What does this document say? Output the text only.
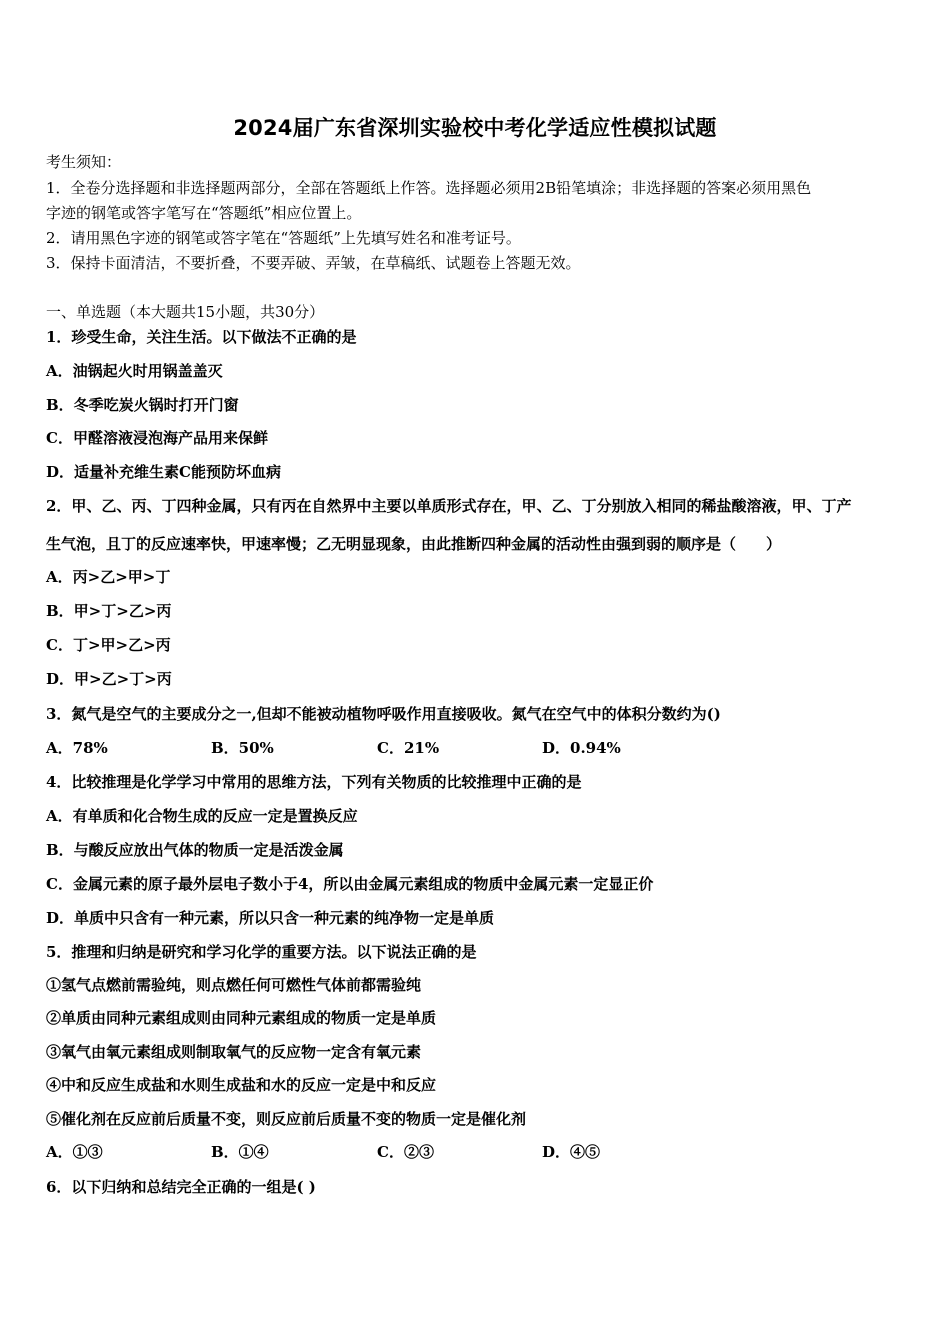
2024届广东省深圳实验校中考化学适应性模拟试题
考生须知：
1．全卷分选择题和非选择题两部分，全部在答题纸上作答。选择题必须用2B铅笔填涂；非选择题的答案必须用黑色
字迹的钢笔或答字笔写在“答题纸”相应位置上。
2．请用黑色字迹的钢笔或答字笔在“答题纸”上先填写姓名和准考证号。
3．保持卡面清洁，不要折叠，不要弄破、弄皱，在草稿纸、试题卷上答题无效。
一、单选题（本大题共15小题，共30分）
1．珍受生命，关注生活。以下做法不正确的是
A．油锅起火时用锅盖盖灭
B．冬季吃炭火锅时打开门窗
C．甲醛溶液浸泡海产品用来保鲜
D．适量补充维生素C能预防坏血病
2．甲、乙、丙、丁四种金属，只有丙在自然界中主要以单质形式存在，甲、乙、丁分别放入相同的稀盐酸溶液，甲、丁产
生气泡，且丁的反应速率快，甲速率慢；乙无明显现象，由此推断四种金属的活动性由强到弱的顺序是（　　）
A．丙>乙>甲>丁
B．甲>丁>乙>丙
C．丁>甲>乙>丙
D．甲>乙>丁>丙
3．氮气是空气的主要成分之一,但却不能被动植物呼吸作用直接吸收。氮气在空气中的体积分数约为()
A．78%	B．50%	C．21%	D．0.94%
4．比较推理是化学学习中常用的思维方法，下列有关物质的比较推理中正确的是
A．有单质和化合物生成的反应一定是置换反应
B．与酸反应放出气体的物质一定是活泼金属
C．金属元素的原子最外层电子数小于4，所以由金属元素组成的物质中金属元素一定显正价
D．单质中只含有一种元素，所以只含一种元素的纯净物一定是单质
5．推理和归纳是研究和学习化学的重要方法。以下说法正确的是
①氢气点燃前需验纯，则点燃任何可燃性气体前都需验纯
②单质由同种元素组成则由同种元素组成的物质一定是单质
③氧气由氧元素组成则制取氧气的反应物一定含有氧元素
④中和反应生成盐和水则生成盐和水的反应一定是中和反应
⑤催化剂在反应前后质量不变，则反应前后质量不变的物质一定是催化剂
A．①③	B．①④	C．②③	D．④⑤
6．以下归纳和总结完全正确的一组是( )
